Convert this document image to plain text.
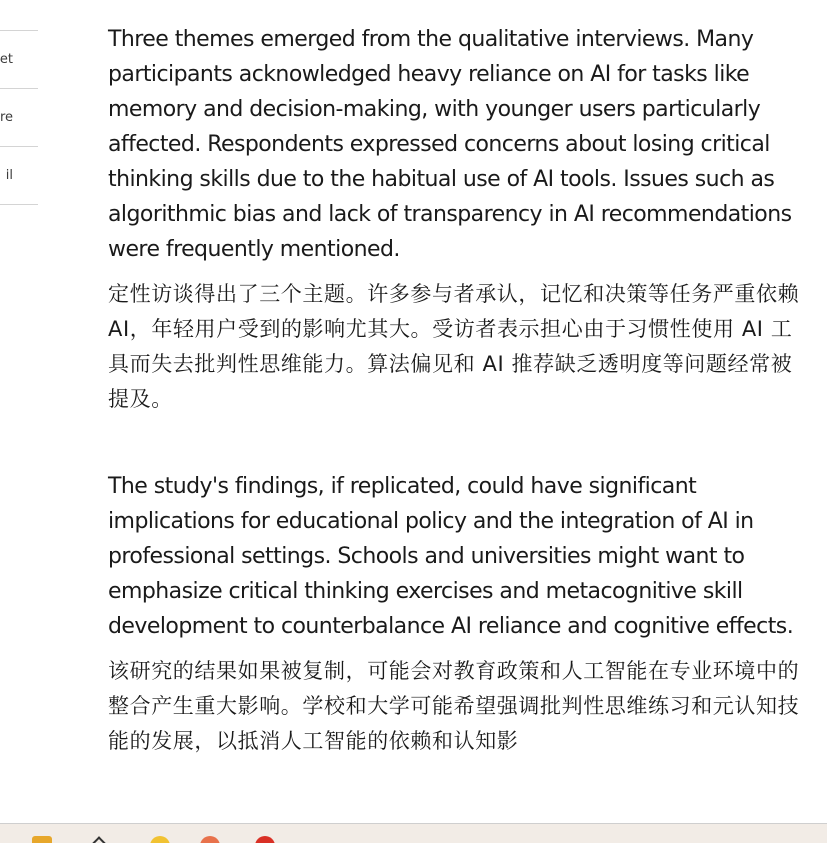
et
re
il

Three themes emerged from the qualitative interviews. Many participants acknowledged heavy reliance on AI for tasks like memory and decision-making, with younger users particularly affected. Respondents expressed concerns about losing critical thinking skills due to the habitual use of AI tools. Issues such as algorithmic bias and lack of transparency in AI recommendations were frequently mentioned.

定性访谈得出了三个主题。许多参与者承认，记忆和决策等任务严重依赖 AI，年轻用户受到的影响尤其大。受访者表示担心由于习惯性使用 AI 工具而失去批判性思维能力。算法偏见和 AI 推荐缺乏透明度等问题经常被提及。

The study's findings, if replicated, could have significant implications for educational policy and the integration of AI in professional settings. Schools and universities might want to emphasize critical thinking exercises and metacognitive skill development to counterbalance AI reliance and cognitive effects.

该研究的结果如果被复制，可能会对教育政策和人工智能在专业环境中的整合产生重大影响。学校和大学可能希望强调批判性思维练习和元认知技能的发展，以抵消人工智能的依赖和认知影
